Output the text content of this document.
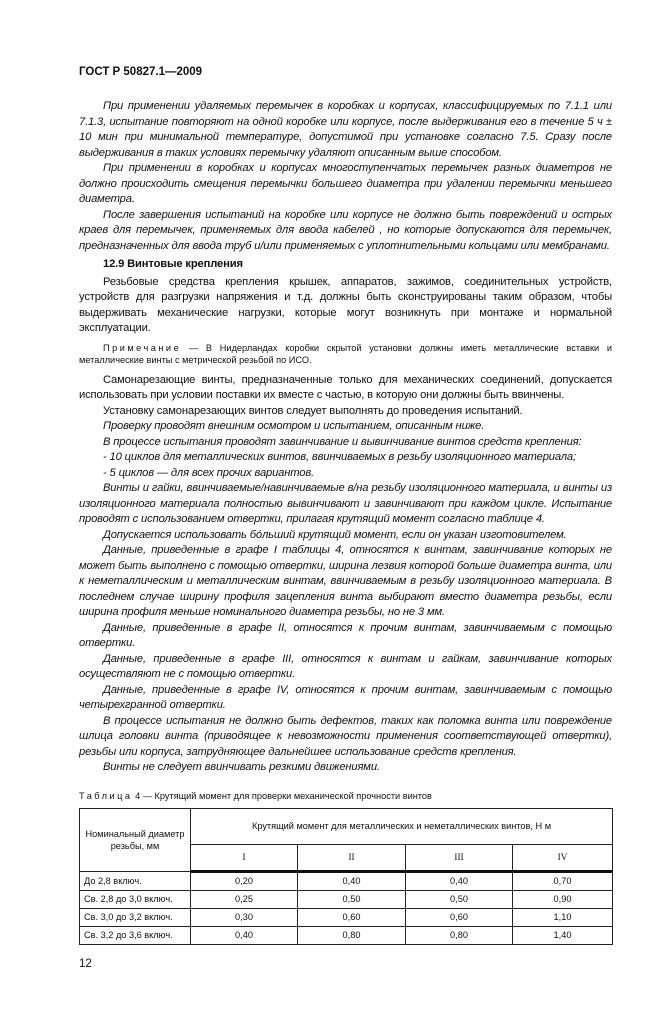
ГОСТ Р 50827.1—2009

При применении удаляемых перемычек в коробках и корпусах, классифицируемых по 7.1.1 или 7.1.3, испытание повторяют на одной коробке или корпусе, после выдерживания его в течение 5 ч ± 10 мин при минимальной температуре, допустимой при установке согласно 7.5. Сразу после выдерживания в таких условиях перемычку удаляют описанным выше способом.

При применении в коробках и корпусах многоступенчатых перемычек разных диаметров не должно происходить смещения перемычки большего диаметра при удалении перемычки меньшего диаметра.

После завершения испытаний на коробке или корпусе не должно быть повреждений и острых краев для перемычек, применяемых для ввода кабелей , но которые допускаются для перемычек, предназначенных для ввода труб и/или применяемых с уплотнительными кольцами или мембранами.

12.9 Винтовые крепления

Резьбовые средства крепления крышек, аппаратов, зажимов, соединительных устройств, устройств для разгрузки напряжения и т.д. должны быть сконструированы таким образом, чтобы выдерживать механические нагрузки, которые могут возникнуть при монтаже и нормальной эксплуатации.

Примечание — В Нидерландах коробки скрытой установки должны иметь металлические вставки и металлические винты с метрической резьбой по ИСО.

Самонарезающие винты, предназначенные только для механических соединений, допускается использовать при условии поставки их вместе с частью, в которую они должны быть ввинчены.

Установку самонарезающих винтов следует выполнять до проведения испытаний.

Проверку проводят внешним осмотром и испытанием, описанным ниже.

В процессе испытания проводят завинчивание и вывинчивание винтов средств крепления:

- 10 циклов для металлических винтов, ввинчиваемых в резьбу изоляционного материала;

- 5 циклов — для всех прочих вариантов.

Винты и гайки, ввинчиваемые/навинчиваемые в/на резьбу изоляционного материала, и винты из изоляционного материала полностью вывинчивают и завинчивают при каждом цикле. Испытание проводят с использованием отвертки, прилагая крутящий момент согласно таблице 4.

Допускается использовать бóльший крутящий момент, если он указан изготовителем.

Данные, приведенные в графе I таблицы 4, относятся к винтам, завинчивание которых не может быть выполнено с помощью отвертки, ширина лезвия которой больше диаметра винта, или к неметаллическим и металлическим винтам, ввинчиваемым в резьбу изоляционного материала. В последнем случае ширину профиля зацепления винта выбирают вместо диаметра резьбы, если ширина профиля меньше номинального диаметра резьбы, но не 3 мм.

Данные, приведенные в графе II, относятся к прочим винтам, завинчиваемым с помощью отвертки.

Данные, приведенные в графе III, относятся к винтам и гайкам, завинчивание которых осуществляют не с помощью отвертки.

Данные, приведенные в графе IV, относятся к прочим винтам, завинчиваемым с помощью четырехгранной отвертки.

В процессе испытания не должно быть дефектов, таких как поломка винта или повреждение шлица головки винта (приводящее к невозможности применения соответствующей отвертки), резьбы или корпуса, затрудняющее дальнейшее использование средств крепления.

Винты не следует ввинчивать резкими движениями.

Таблица 4 — Крутящий момент для проверки механической прочности винтов
Номинальный диаметр резьбы, мм	Крутящий момент для металлических и неметаллических винтов, Н м			
	I	II	III	IV
До 2,8 включ.	0,20	0,40	0,40	0,70
Св. 2,8 до 3,0 включ.	0,25	0,50	0,50	0,90
Св. 3,0 до 3,2 включ.	0,30	0,60	0,60	1,10
Св. 3,2 до 3,6 включ.	0,40	0,80	0,80	1,40
12
